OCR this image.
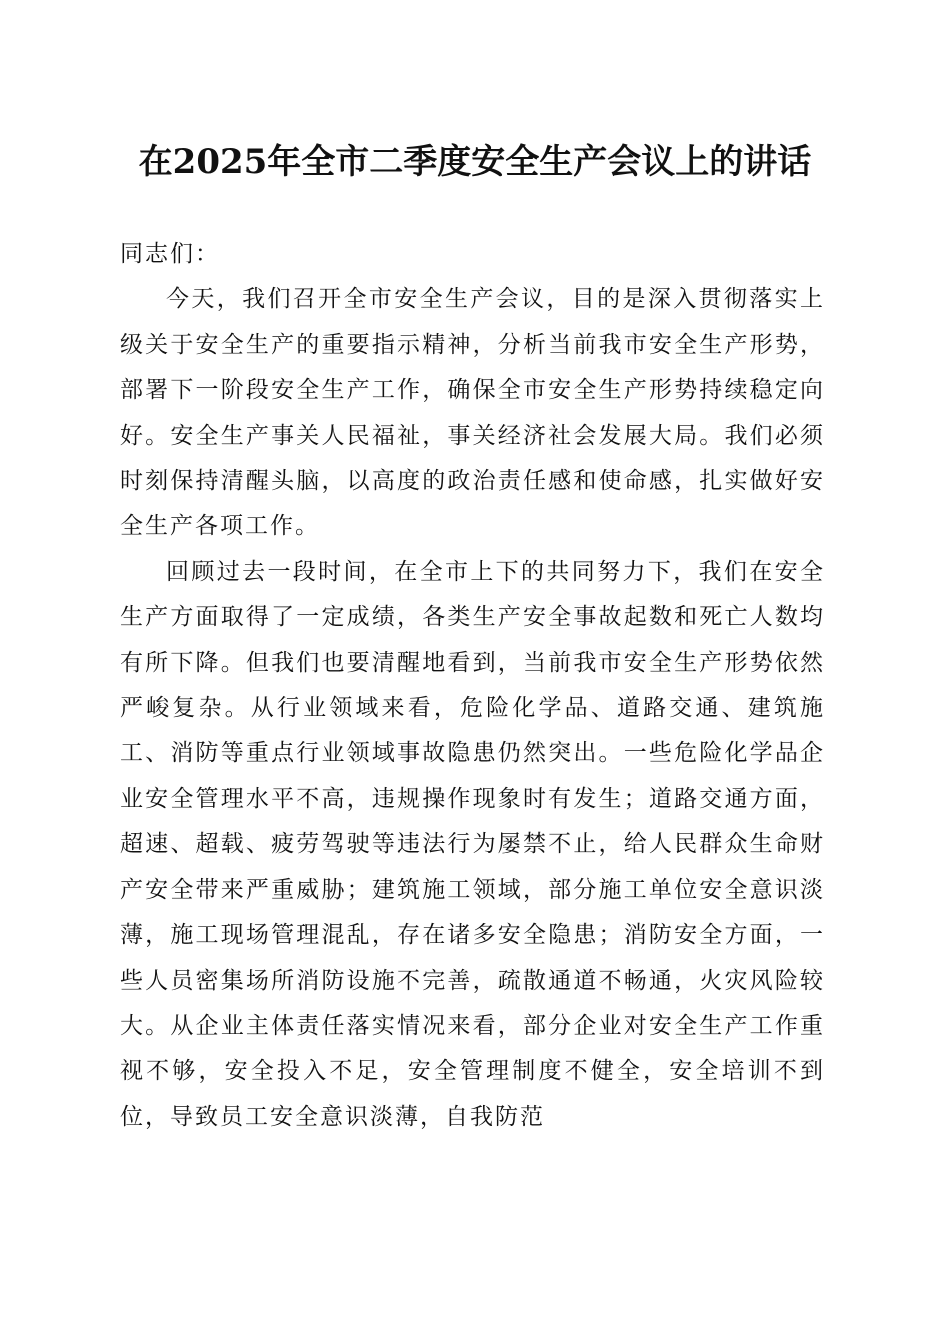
在2025年全市二季度安全生产会议上的讲话

同志们：

今天，我们召开全市安全生产会议，目的是深入贯彻落实上级关于安全生产的重要指示精神，分析当前我市安全生产形势，部署下一阶段安全生产工作，确保全市安全生产形势持续稳定向好。安全生产事关人民福祉，事关经济社会发展大局。我们必须时刻保持清醒头脑，以高度的政治责任感和使命感，扎实做好安全生产各项工作。

回顾过去一段时间，在全市上下的共同努力下，我们在安全生产方面取得了一定成绩，各类生产安全事故起数和死亡人数均有所下降。但我们也要清醒地看到，当前我市安全生产形势依然严峻复杂。从行业领域来看，危险化学品、道路交通、建筑施工、消防等重点行业领域事故隐患仍然突出。一些危险化学品企业安全管理水平不高，违规操作现象时有发生；道路交通方面，超速、超载、疲劳驾驶等违法行为屡禁不止，给人民群众生命财产安全带来严重威胁；建筑施工领域，部分施工单位安全意识淡薄，施工现场管理混乱，存在诸多安全隐患；消防安全方面，一些人员密集场所消防设施不完善，疏散通道不畅通，火灾风险较大。从企业主体责任落实情况来看，部分企业对安全生产工作重视不够，安全投入不足，安全管理制度不健全，安全培训不到位，导致员工安全意识淡薄，自我防范
